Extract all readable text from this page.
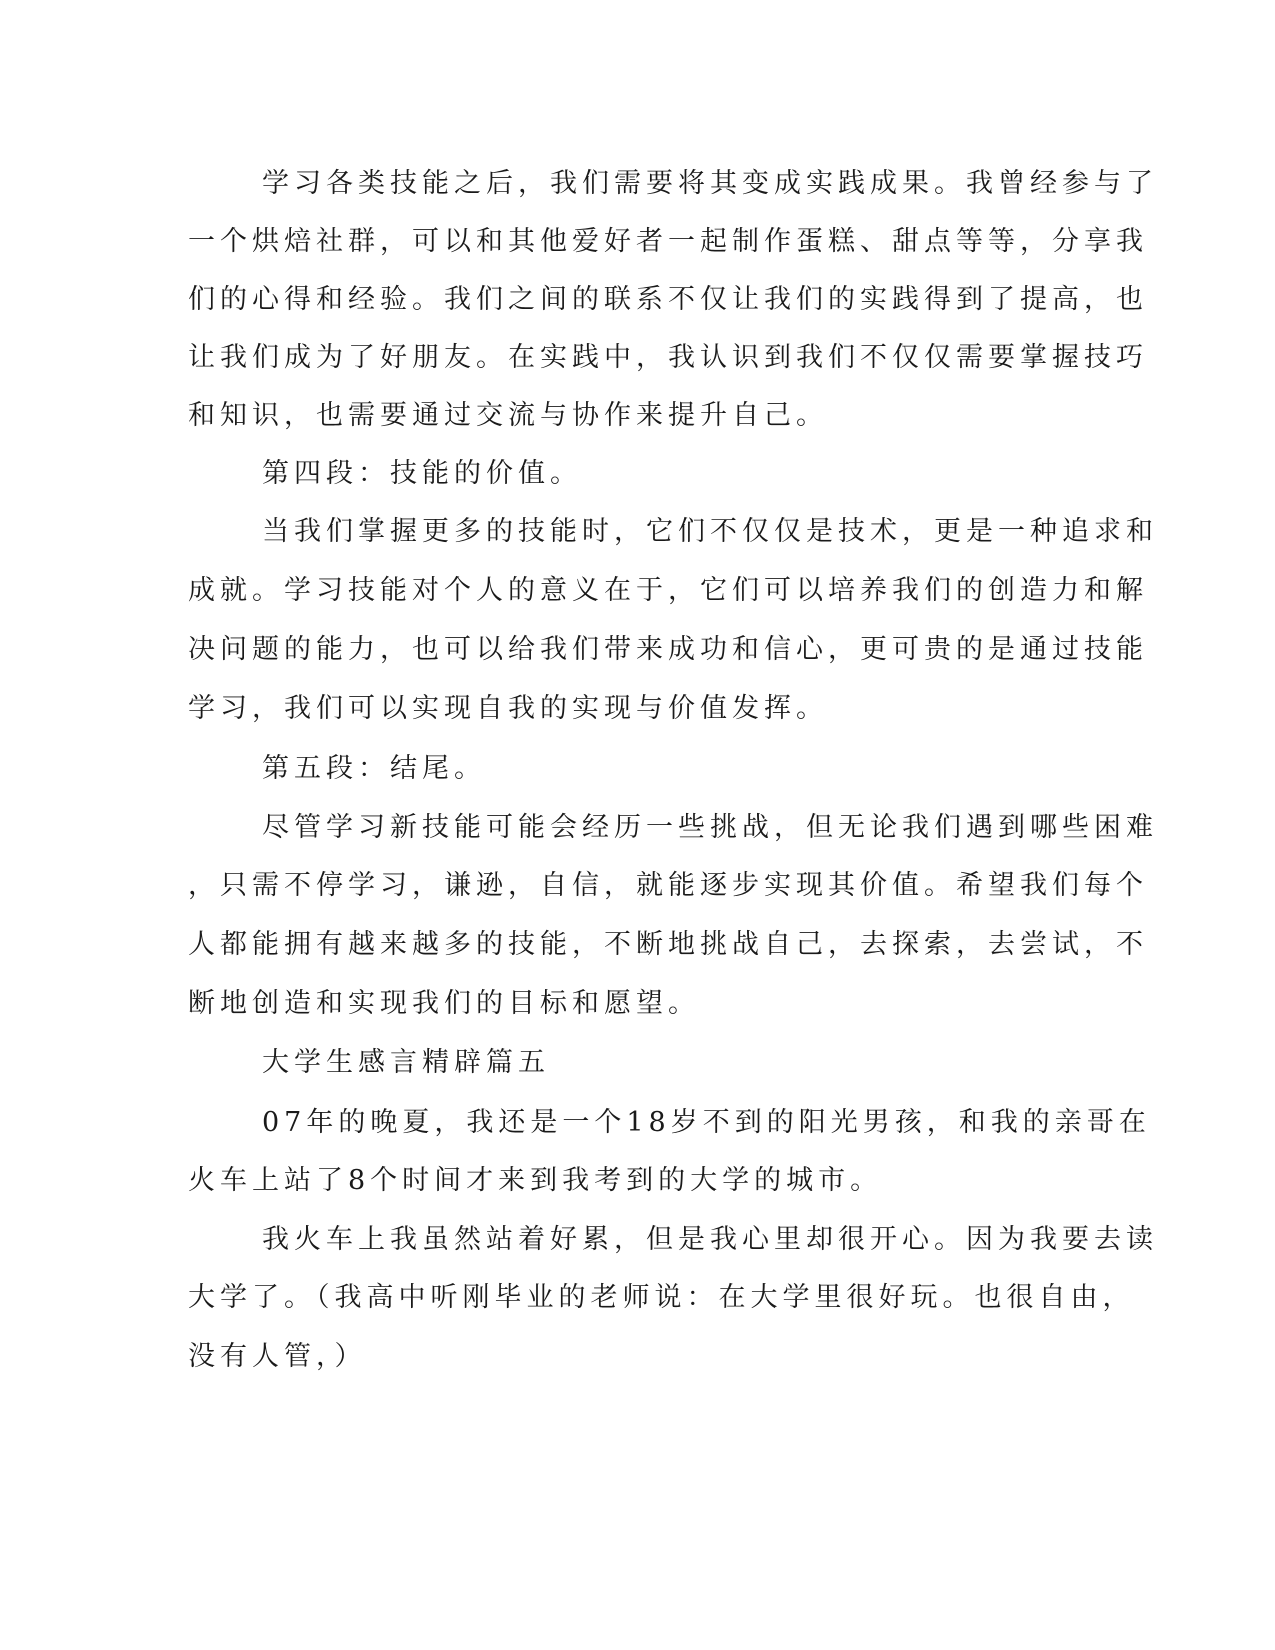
学习各类技能之后，我们需要将其变成实践成果。我曾经参与了

一个烘焙社群，可以和其他爱好者一起制作蛋糕、甜点等等，分享我

们的心得和经验。我们之间的联系不仅让我们的实践得到了提高，也

让我们成为了好朋友。在实践中，我认识到我们不仅仅需要掌握技巧

和知识，也需要通过交流与协作来提升自己。

第四段：技能的价值。

当我们掌握更多的技能时，它们不仅仅是技术，更是一种追求和

成就。学习技能对个人的意义在于，它们可以培养我们的创造力和解

决问题的能力，也可以给我们带来成功和信心，更可贵的是通过技能

学习，我们可以实现自我的实现与价值发挥。

第五段：结尾。

尽管学习新技能可能会经历一些挑战，但无论我们遇到哪些困难

，只需不停学习，谦逊，自信，就能逐步实现其价值。希望我们每个

人都能拥有越来越多的技能，不断地挑战自己，去探索，去尝试，不

断地创造和实现我们的目标和愿望。

大学生感言精辟篇五

07年的晚夏，我还是一个18岁不到的阳光男孩，和我的亲哥在

火车上站了8个时间才来到我考到的大学的城市。

我火车上我虽然站着好累，但是我心里却很开心。因为我要去读

大学了。（我高中听刚毕业的老师说：在大学里很好玩。也很自由，

没有人管，）
